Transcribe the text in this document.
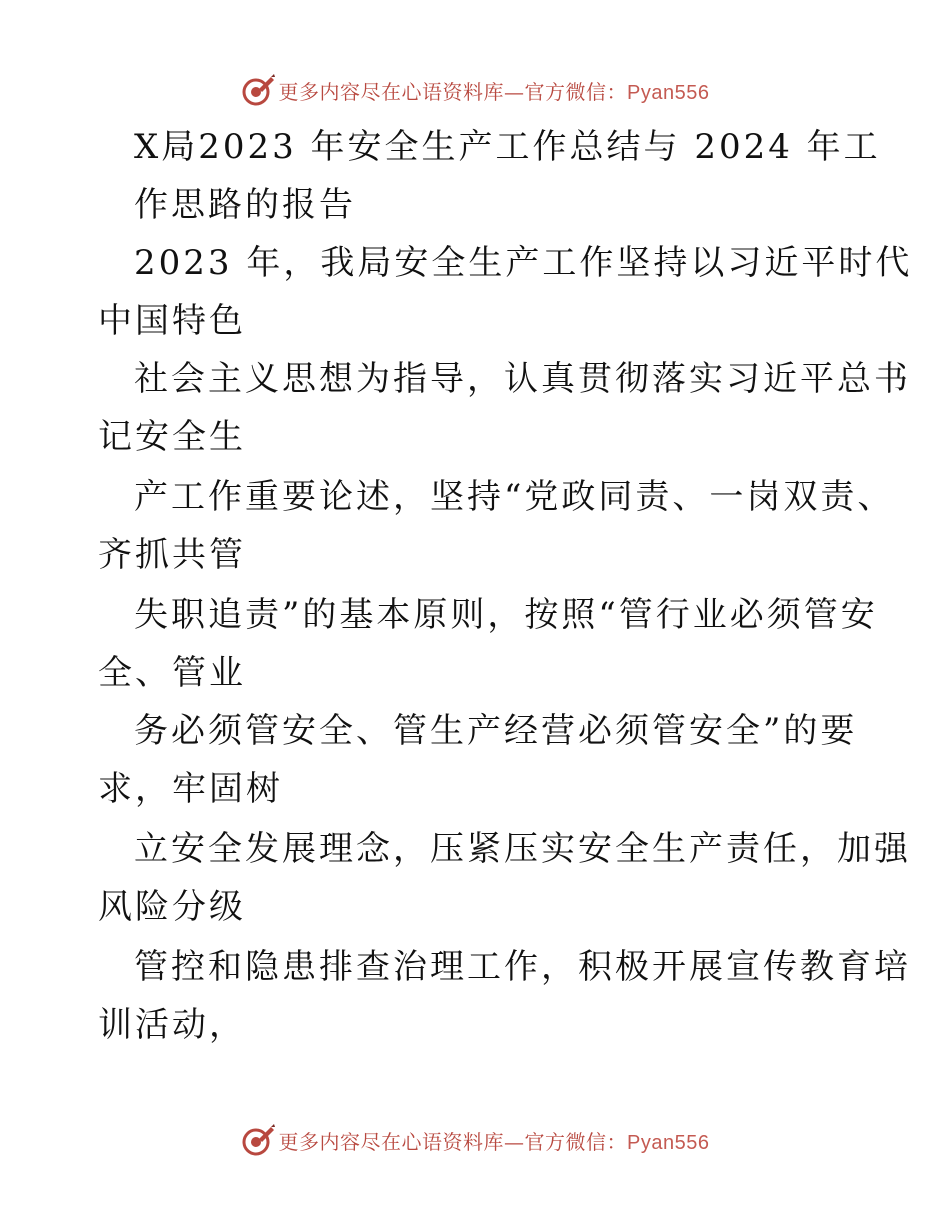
更多内容尽在心语资料库—官方微信：Pyan556
X局2023 年安全生产工作总结与 2024 年工
作思路的报告
2023 年，我局安全生产工作坚持以习近平时代
中国特色
社会主义思想为指导，认真贯彻落实习近平总书
记安全生
产工作重要论述，坚持“党政同责、一岗双责、
齐抓共管
失职追责”的基本原则，按照“管行业必须管安
全、管业
务必须管安全、管生产经营必须管安全”的要
求，牢固树
立安全发展理念，压紧压实安全生产责任，加强
风险分级
管控和隐患排查治理工作，积极开展宣传教育培
训活动，
更多内容尽在心语资料库—官方微信：Pyan556
